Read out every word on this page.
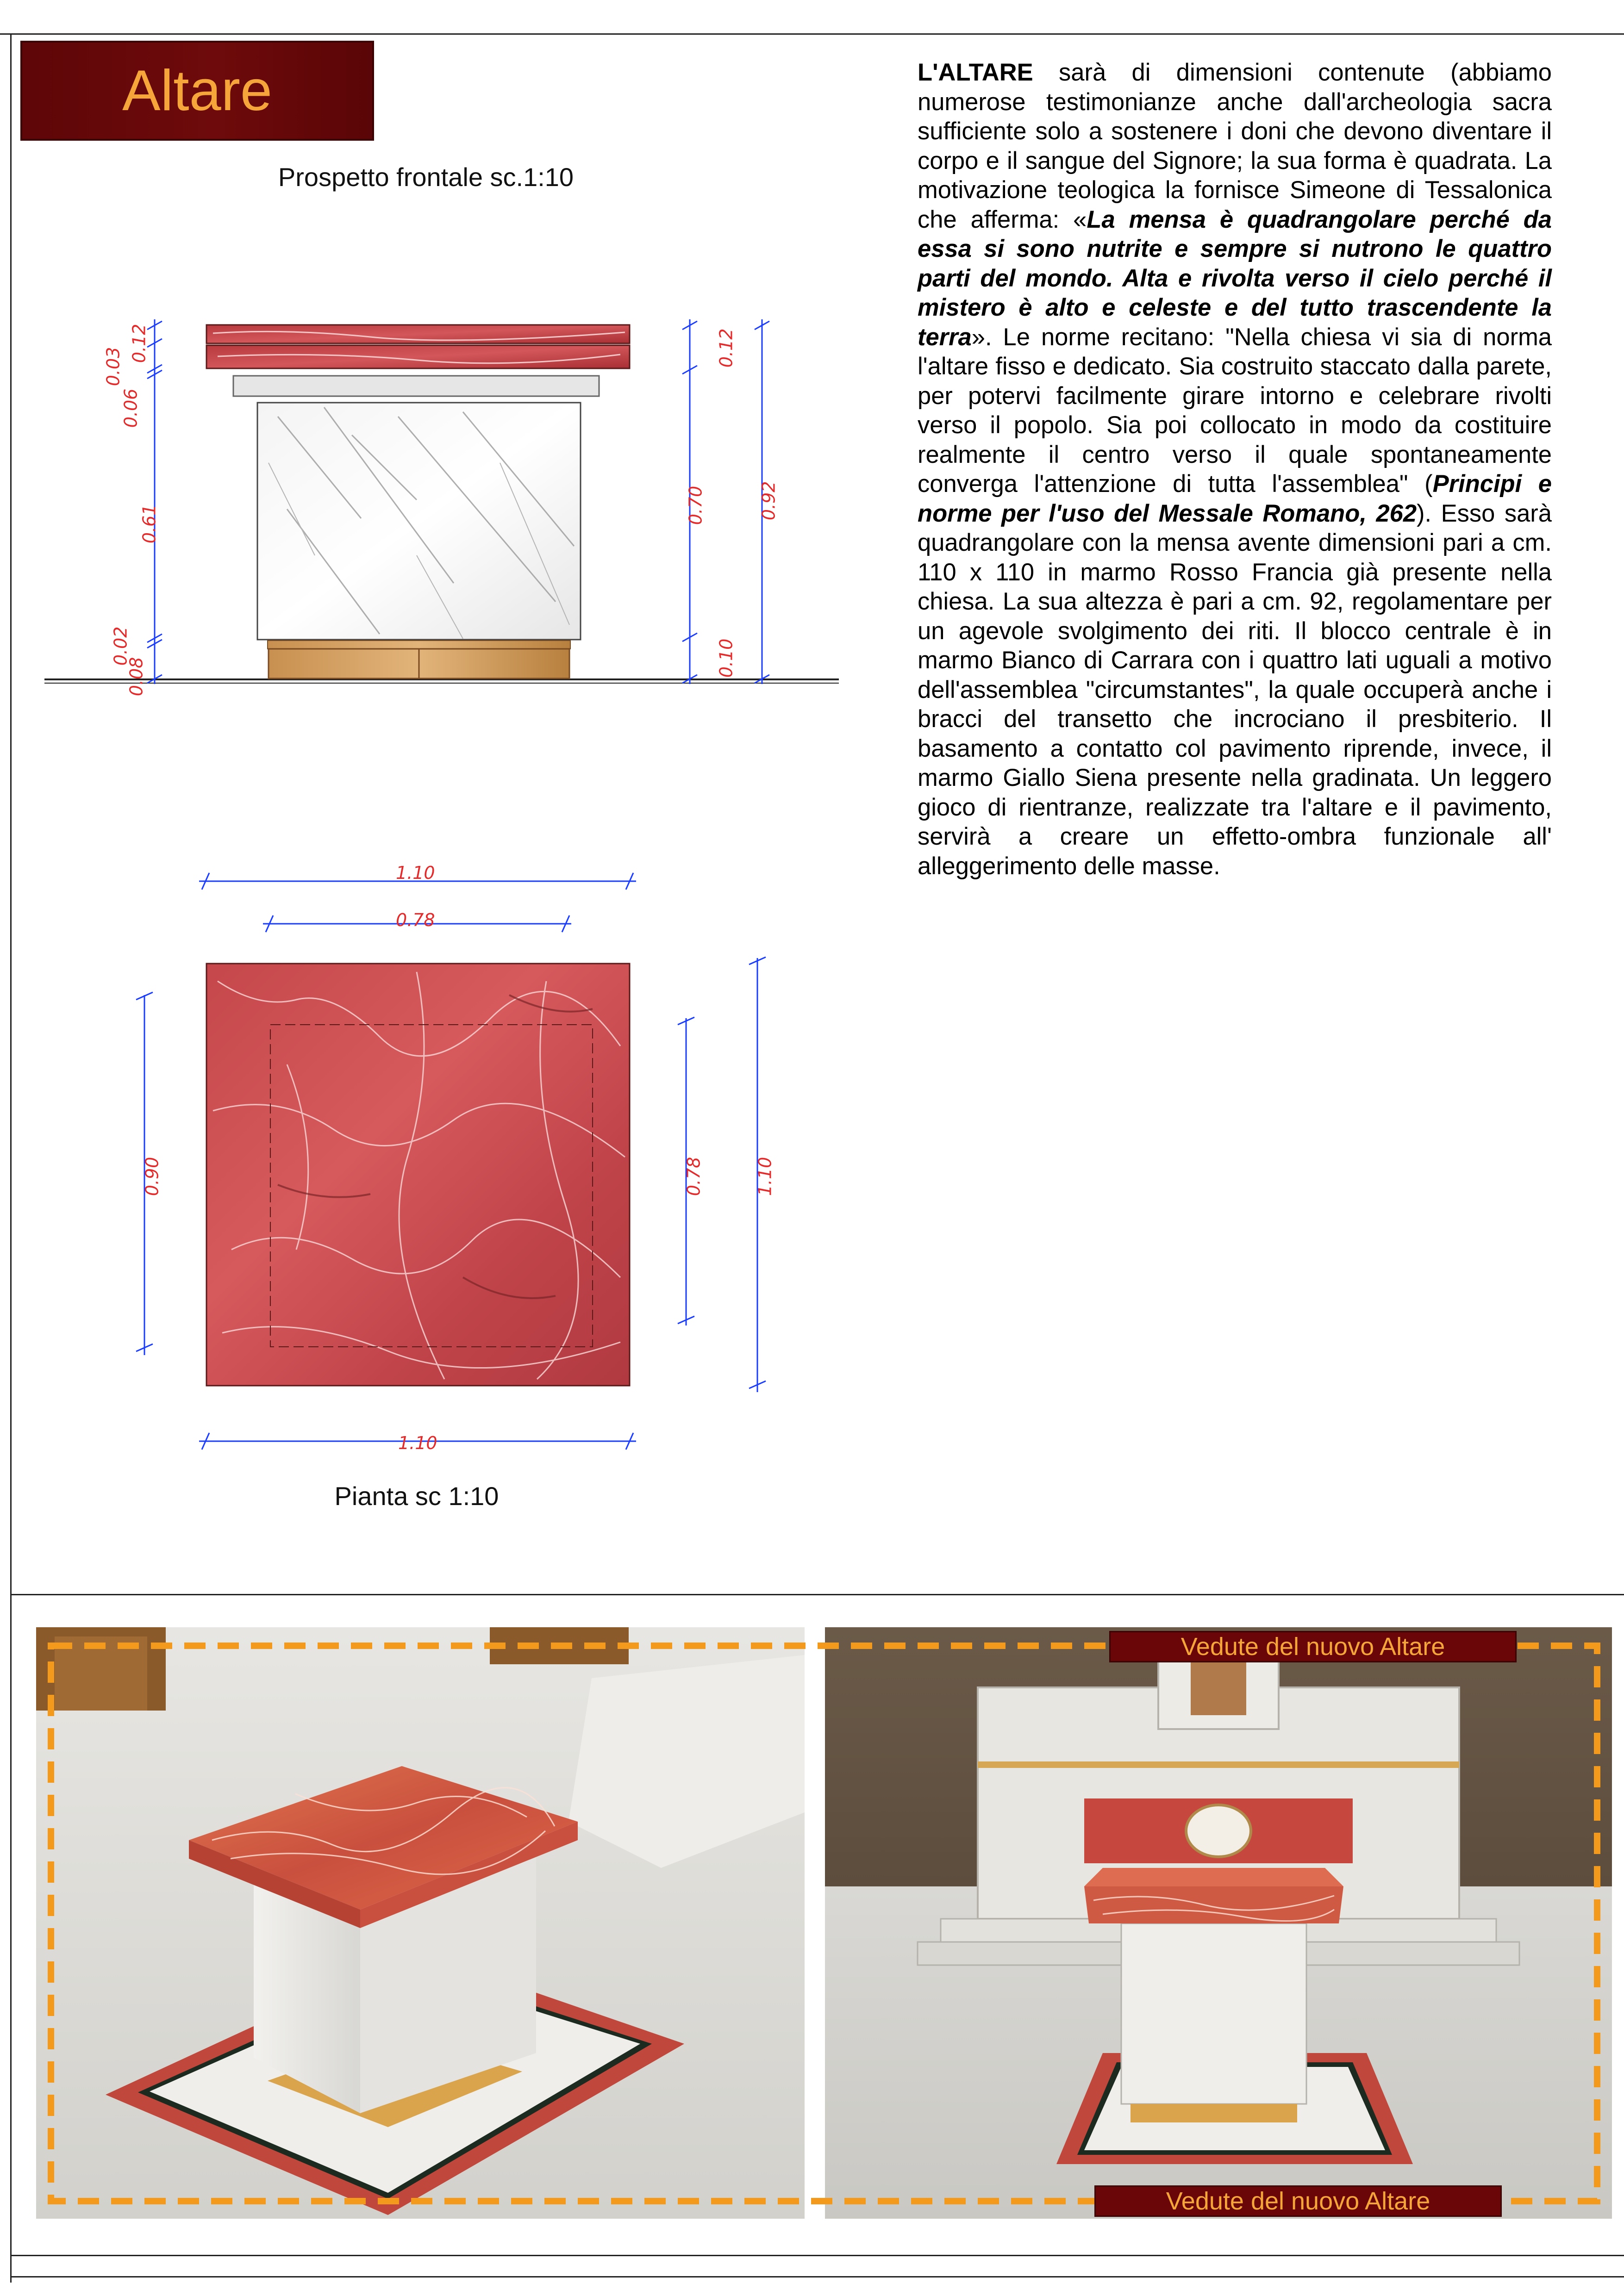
Altare
Prospetto frontale sc.1:10
0.03
0.12
0.06
0.61
0.02
0.08
0.12
0.70
0.10
0.92
1.10
0.78
1.10
0.90	0.78	1.10
Pianta sc 1:10
L'ALTARE sarà di dimensioni contenute (abbiamo numerose testimonianze anche dall'archeologia sacra sufficiente solo a sostenere i doni che devono diventare il corpo e il sangue del Signore; la sua forma è quadrata. La motivazione teologica la fornisce Simeone di Tessalonica che afferma: «La mensa è quadrangolare perché da essa si sono nutrite e sempre si nutrono le quattro parti del mondo. Alta e rivolta verso il cielo perché il mistero è alto e celeste e del tutto trascendente la terra». Le norme recitano: "Nella chiesa vi sia di norma l'altare fisso e dedicato. Sia costruito staccato dalla parete, per potervi facilmente girare intorno e celebrare rivolti verso il popolo. Sia poi collocato in modo da costituire realmente il centro verso il quale spontaneamente converga l'attenzione di tutta l'assemblea" (Principi e norme per l'uso del Messale Romano, 262). Esso sarà quadrangolare con la mensa avente dimensioni pari a cm. 110 x 110 in marmo Rosso Francia già presente nella chiesa. La sua altezza è pari a cm. 92, regolamentare per un agevole svolgimento dei riti. Il blocco centrale è in marmo Bianco di Carrara con i quattro lati uguali a motivo dell'assemblea "circumstantes", la quale occuperà anche i bracci del transetto che incrociano il presbiterio. Il basamento a contatto col pavimento riprende, invece, il marmo Giallo Siena presente nella gradinata. Un leggero gioco di rientranze, realizzate tra l'altare e il pavimento, servirà a creare un effetto-ombra funzionale all' alleggerimento delle masse.
Vedute del nuovo Altare
Vedute del nuovo Altare
